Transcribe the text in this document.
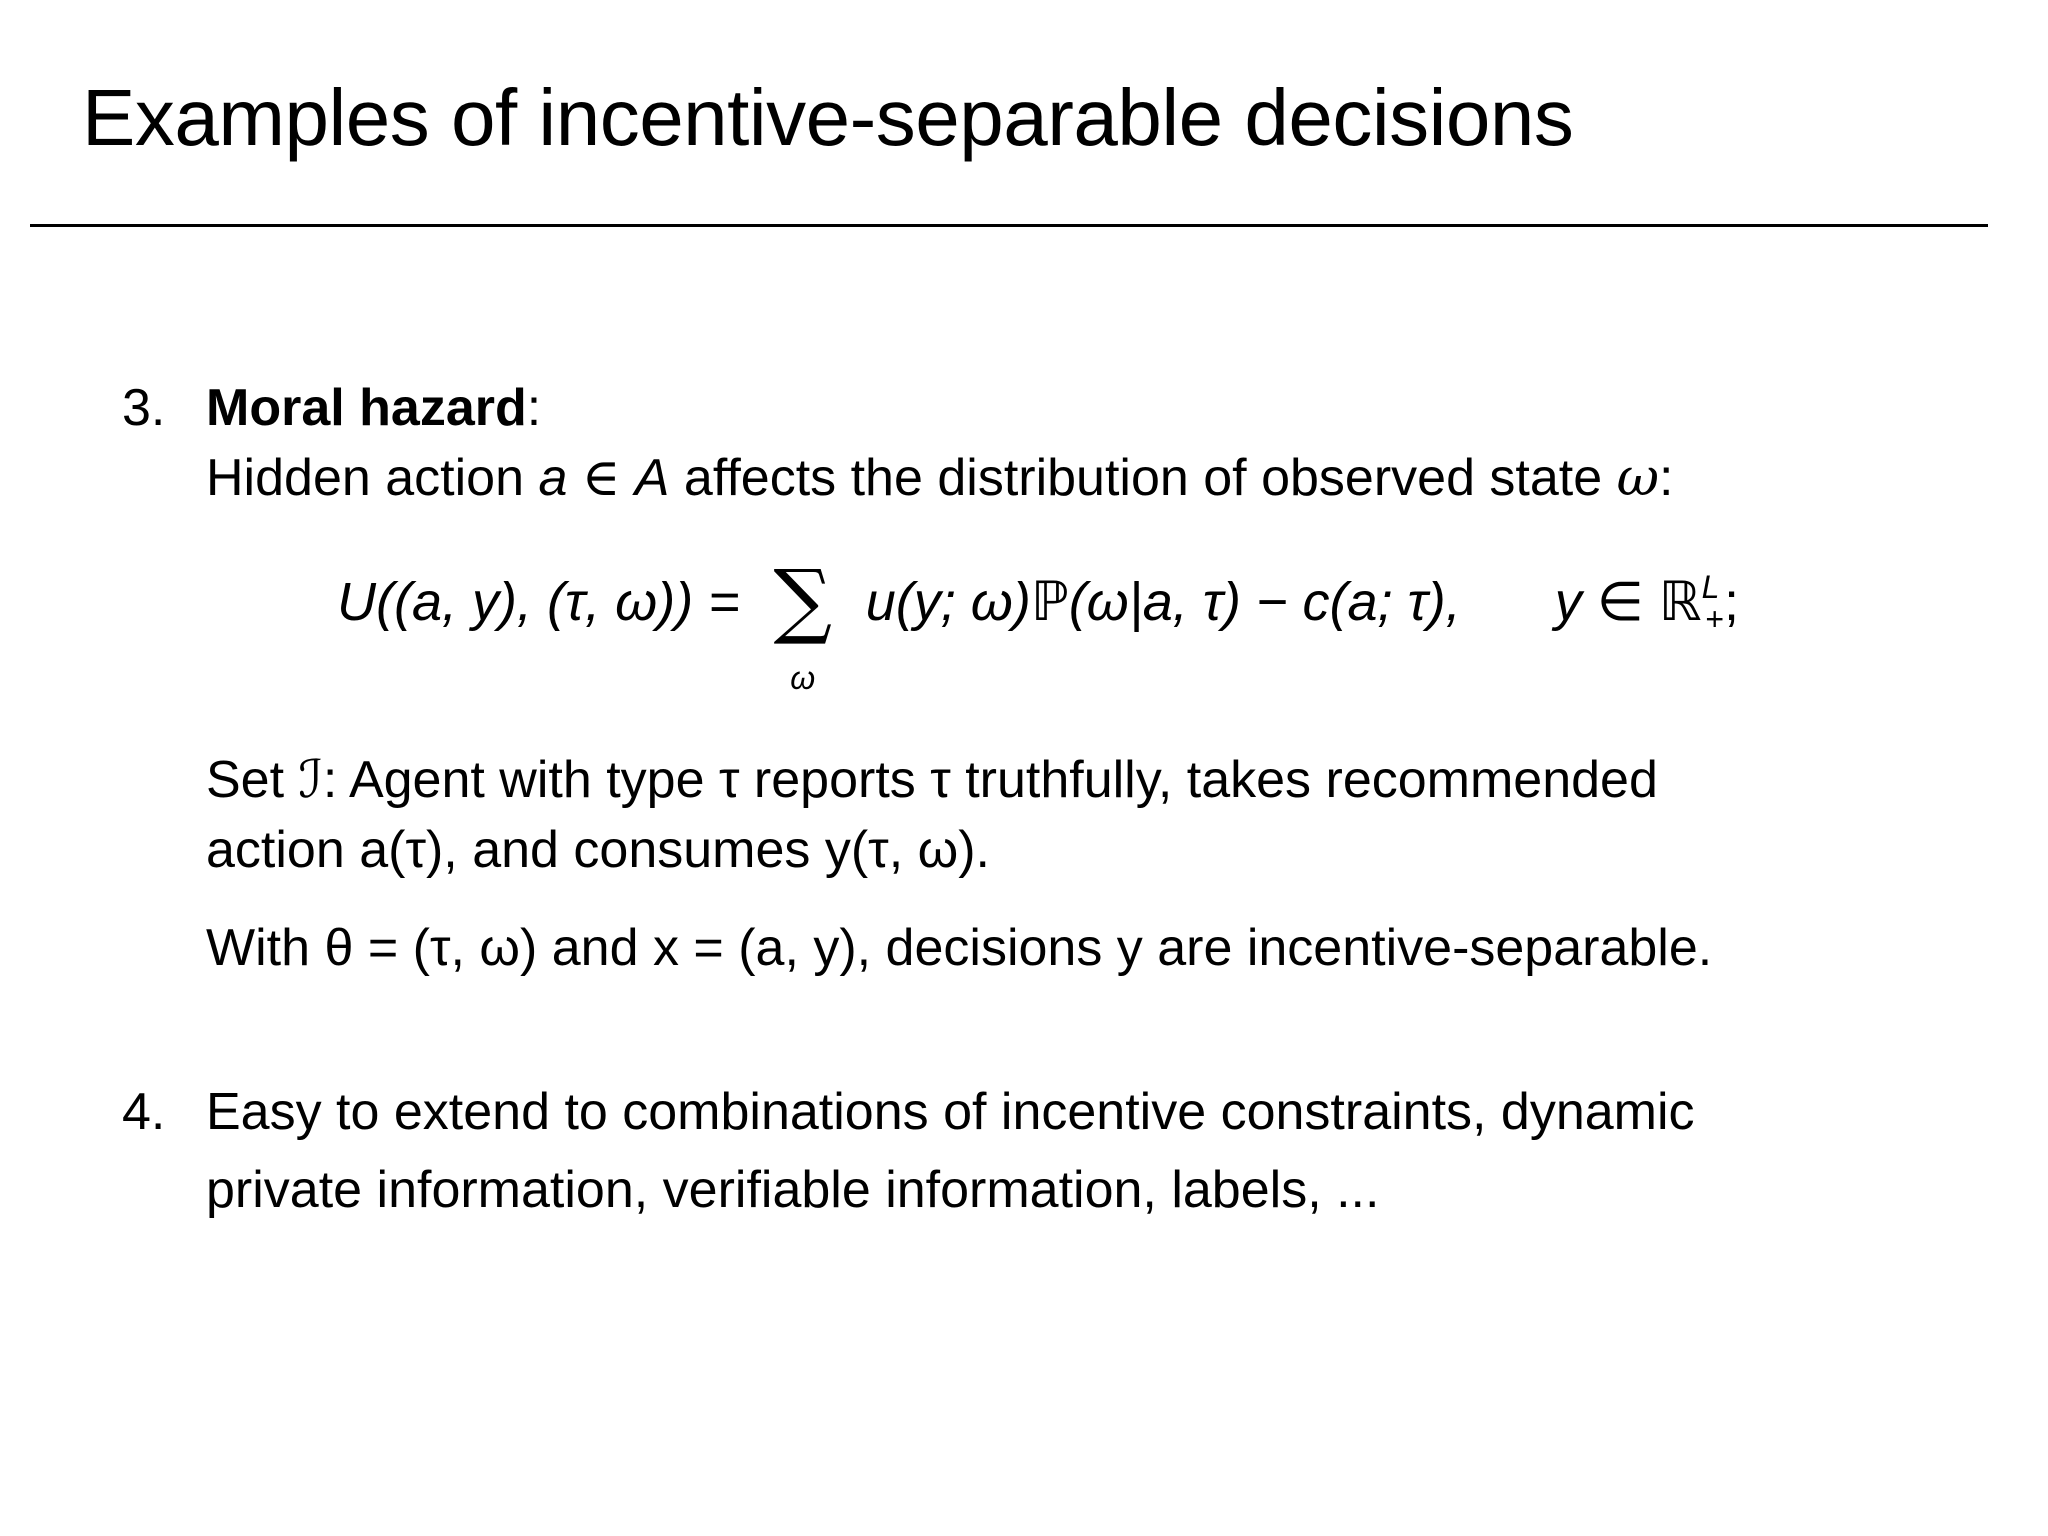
Examples of incentive-separable decisions
3. Moral hazard:
Hidden action a ∈ A affects the distribution of observed state ω:
U((a, y), (τ, ω)) = ∑
ω
u(y; ω)ℙ(ω|a, τ) − c(a; τ), y ∈ ℝ$^L_+$;
Set ℐ: Agent with type τ reports τ truthfully, takes recommended
action a(τ), and consumes y(τ, ω).
With θ = (τ, ω) and x = (a, y), decisions y are incentive-separable.
4. Easy to extend to combinations of incentive constraints, dynamic
private information, verifiable information, labels, ...
